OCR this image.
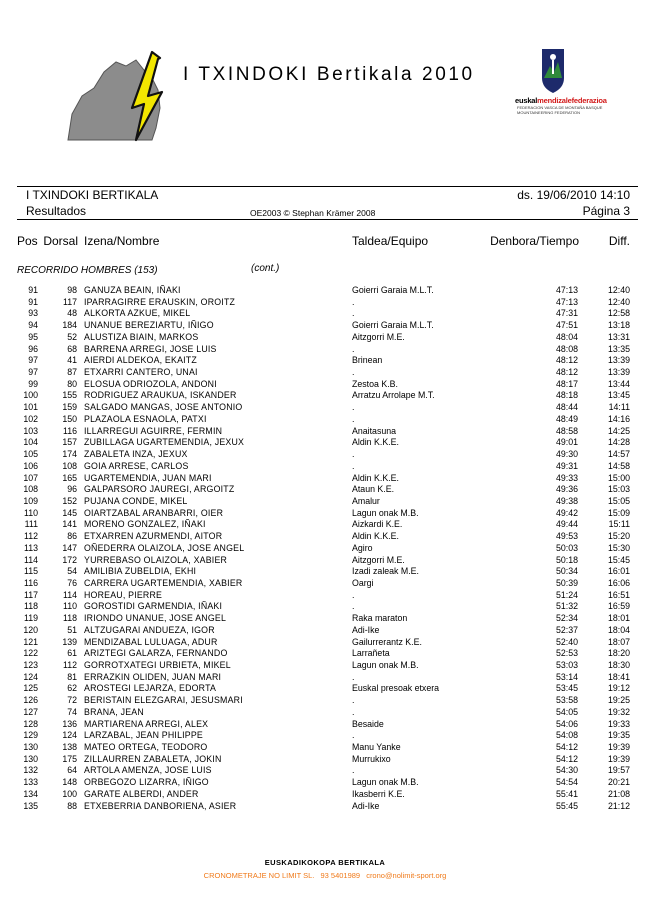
I TXINDOKI Bertikala 2010
euskalmendizalefederazioa
FEDERACION VASCA DE MONTAÑA BASQUE MOUNTAINEERING FEDERATION
I TXINDOKI BERTIKALA
Resultados	OE2003 © Stephan Krämer 2008
ds. 19/06/2010 14:10
Página 3
Pos Dorsal Izena/Nombre	Taldea/Equipo	Denbora/Tiempo Diff.
RECORRIDO HOMBRES (153)	(cont.)
91	98 GANUZA BEAIN, IÑAKI	Goierri Garaia M.L.T.	47:13	12:40
91	117 IPARRAGIRRE ERAUSKIN, OROITZ	.	47:13	12:40
93	48 ALKORTA AZKUE, MIKEL	.	47:31	12:58
94	184 UNANUE BEREZIARTU, IÑIGO	Goierri Garaia M.L.T.	47:51	13:18
95	52 ALUSTIZA BIAIN, MARKOS	Aitzgorri M.E.	48:04	13:31
96	68 BARRENA ARREGI, JOSE LUIS	.	48:08	13:35
97	41 AIERDI ALDEKOA, EKAITZ	Brinean	48:12	13:39
97	87 ETXARRI CANTERO, UNAI	.	48:12	13:39
99	80 ELOSUA ODRIOZOLA, ANDONI	Zestoa K.B.	48:17	13:44
100	155 RODRIGUEZ ARAUKUA, ISKANDER	Arratzu Arrolape M.T.	48:18	13:45
101	159 SALGADO MANGAS, JOSE ANTONIO	.	48:44	14:11
102	150 PLAZAOLA ESNAOLA, PATXI	.	48:49	14:16
103	116 ILLARREGUI AGUIRRE, FERMIN	Anaitasuna	48:58	14:25
104	157 ZUBILLAGA UGARTEMENDIA, JEXUX	Aldin K.K.E.	49:01	14:28
105	174 ZABALETA INZA, JEXUX	.	49:30	14:57
106	108 GOIA ARRESE, CARLOS	.	49:31	14:58
107	165 UGARTEMENDIA, JUAN MARI	Aldin K.K.E.	49:33	15:00
108	96 GALPARSORO JAUREGI, ARGOITZ	Ataun K.E.	49:36	15:03
109	152 PUJANA CONDE, MIKEL	Amalur	49:38	15:05
110	145 OIARTZABAL ARANBARRI, OIER	Lagun onak M.B.	49:42	15:09
111	141 MORENO GONZALEZ, IÑAKI	Aizkardi K.E.	49:44	15:11
112	86 ETXARREN AZURMENDI, AITOR	Aldin K.K.E.	49:53	15:20
113	147 OÑEDERRA OLAIZOLA, JOSE ANGEL	Agiro	50:03	15:30
114	172 YURREBASO OLAIZOLA, XABIER	Aitzgorri M.E.	50:18	15:45
115	54 AMILIBIA ZUBELDIA, EKHI	Izadi zaleak M.E.	50:34	16:01
116	76 CARRERA UGARTEMENDIA, XABIER	Oargi	50:39	16:06
117	114 HOREAU, PIERRE	.	51:24	16:51
118	110 GOROSTIDI GARMENDIA, IÑAKI	.	51:32	16:59
119	118 IRIONDO UNANUE, JOSE ANGEL	Raka maraton	52:34	18:01
120	51 ALTZUGARAI ANDUEZA, IGOR	Adi-Ike	52:37	18:04
121	139 MENDIZABAL LULUAGA, ADUR	Gailurrerantz K.E.	52:40	18:07
122	61 ARIZTEGI GALARZA, FERNANDO	Larrañeta	52:53	18:20
123	112 GORROTXATEGI URBIETA, MIKEL	Lagun onak M.B.	53:03	18:30
124	81 ERRAZKIN OLIDEN, JUAN MARI	.	53:14	18:41
125	62 AROSTEGI LEJARZA, EDORTA	Euskal presoak etxera	53:45	19:12
126	72 BERISTAIN ELEZGARAI, JESUSMARI	.	53:58	19:25
127	74 BRANA, JEAN	.	54:05	19:32
128	136 MARTIARENA ARREGI, ALEX	Besaide	54:06	19:33
129	124 LARZABAL, JEAN PHILIPPE	.	54:08	19:35
130	138 MATEO ORTEGA, TEODORO	Manu Yanke	54:12	19:39
130	175 ZILLAURREN ZABALETA, JOKIN	Murrukixo	54:12	19:39
132	64 ARTOLA AMENZA, JOSE LUIS	.	54:30	19:57
133	148 ORBEGOZO LIZARRA, IÑIGO	Lagun onak M.B.	54:54	20:21
134	100 GARATE ALBERDI, ANDER	Ikasberri K.E.	55:41	21:08
135	88 ETXEBERRIA DANBORIENA, ASIER	Adi-Ike	55:45	21:12
EUSKADIKOKOPA BERTIKALA
CRONOMETRAJE NO LIMIT SL. 93 5401989 crono@nolimit-sport.org
